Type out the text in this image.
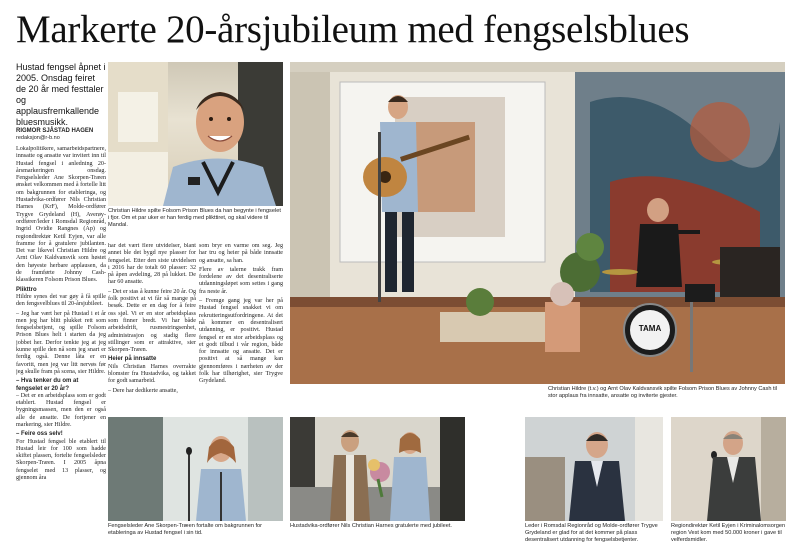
Markerte 20-årsjubileum med fengselsblues
Hustad fengsel åpnet i 2005. Onsdag feiret de 20 år med festtaler og applausfremkallende bluesmusikk.
RIGMOR SJÅSTAD HAGEN
redaksjon@r-b.no

Lokalpolitikere, samarbeidspartnere, innsatte og ansatte var invitert inn til Hustad fengsel i anledning 20-årsmarkeringen onsdag. Fengselsleder Ane Skorpen-Træen ønsket velkommen med å fortelle litt om bakgrunnen for etableringa, og Hustadvika-ordfører Nils Christian Harnes (KrF), Molde-ordfører Trygve Grydeland (H), Averøy-ordfører/leder i Romsdal Regionråd, Ingrid Ovidie Rangnes (Ap) og regiondirektør Ketil Eyjen, var alle framme for å gratulere jubilanten. Det var likevel Christian Hildre og Arnt Olav Kaldvansvik som høstet den høyeste herbare applausen, da de framførte Johnny Cash-klassikeren Folsom Prison Blues.

Plikttro

Hildre synes det var gøy å få spille den fengsvelblues til 20-årsjubileet.

– Jeg har vært her på Hustad i et år men jeg har blitt plukket rett som fengselsbetjent, og spille Folsom Prison Blues helt i starten da jeg jobbet her. Derfor tenkte jeg at jeg kunne spille den nå som jeg snart er ferdig også. Denne låta er en favoritt, men jeg var litt nervøs før jeg skulle fram på scena, sier Hildre.

– Hva tenker du om at fengselet er 20 år?

– Det er en arbeidsplass som er godt etablert. Hustad fengsel er bygningsmassen, men den er også alle de ansatte. De fortjener en markering, sier Hildre.

– Feire oss selv!

For Hustad fengsel ble etablert til Hustad leir for 100 som hadde skiftet plassen, fortelte fengselsleder Skorpen-Træen. I 2005 åpna fengselet med 13 plasser, og gjennom åra

har det vært flere utvidelser, blant annet ble det bygd nye plasser for fengselet. Etter den siste utvidelsen i 2016 har de totalt 60 plasser: 32 på åpen avdeling, 28 på lukket. De har 60 ansatte.

– Det er stas å kunne feire 20 år. Og folk positivt at vi får så mange på besøk. Dette er en dag for å feire oss sjøl. Vi er en stor arbeidsplass som finner bredt. Vi har både arbeidsdrift, rusmestringsenhet, administrasjon og stadig flere stillinger som er attraktive, sier Skorpen-Træen.

Heier på innsatte

Nils Christian Harnes overrakte blomster fra Hustadvika, og takket for godt samarbeid.

– Dere har dedikerte ansatte,

som bryr en varme om seg. Jeg har tru og heier på både innsatte og ansatte, sa han.

Flere av talerne trakk fram fordelene av det desentraliserte utdanningsløpet som settes i gang fra neste år.

– Fremge gang jeg var her på Hustad fengsel snakket vi om rekrutteringsutfordringene. At det nå kommer en desentralisert utdanning, er positivt. Hustad fengsel er en stor arbeidsplass og et godt tilbud i vår region, både for innsatte og ansatte. Det er positivt at så mange kan gjennomføres i nærheten av der folk har tilhørighet, sier Trygve Grydeland.

Christian Hildre spilte Folsom Prison Blues da han begynte i fengselet i fjor. Om et par uker er han ferdig med plikttiret, og skal videre til Mandal.
TAMA
Christian Hildre (t.v.) og Arnt Olav Kaldvansvik spilte Folsom Prison Blues av Johnny Cash til stor applaus fra innsatte, ansatte og inviterte gjester.
Fengselsleder Ane Skorpen-Træen fortalte om bakgrunnen for etableringa av Hustad fengsel i sin tid.
Hustadvika-ordfører Nils Christian Harnes gratulerte med jubileet.	Leder i Romsdal Regionråd og Molde-ordfører Trygve Grydeland er glad for at det kommer på plass desentralisert utdanning for fengselsbetjenter.
Regiondirektør Ketil Eyjen i Kriminalomsorgen region Vest kom med 50.000 kroner i gave til velferdsmidler.
